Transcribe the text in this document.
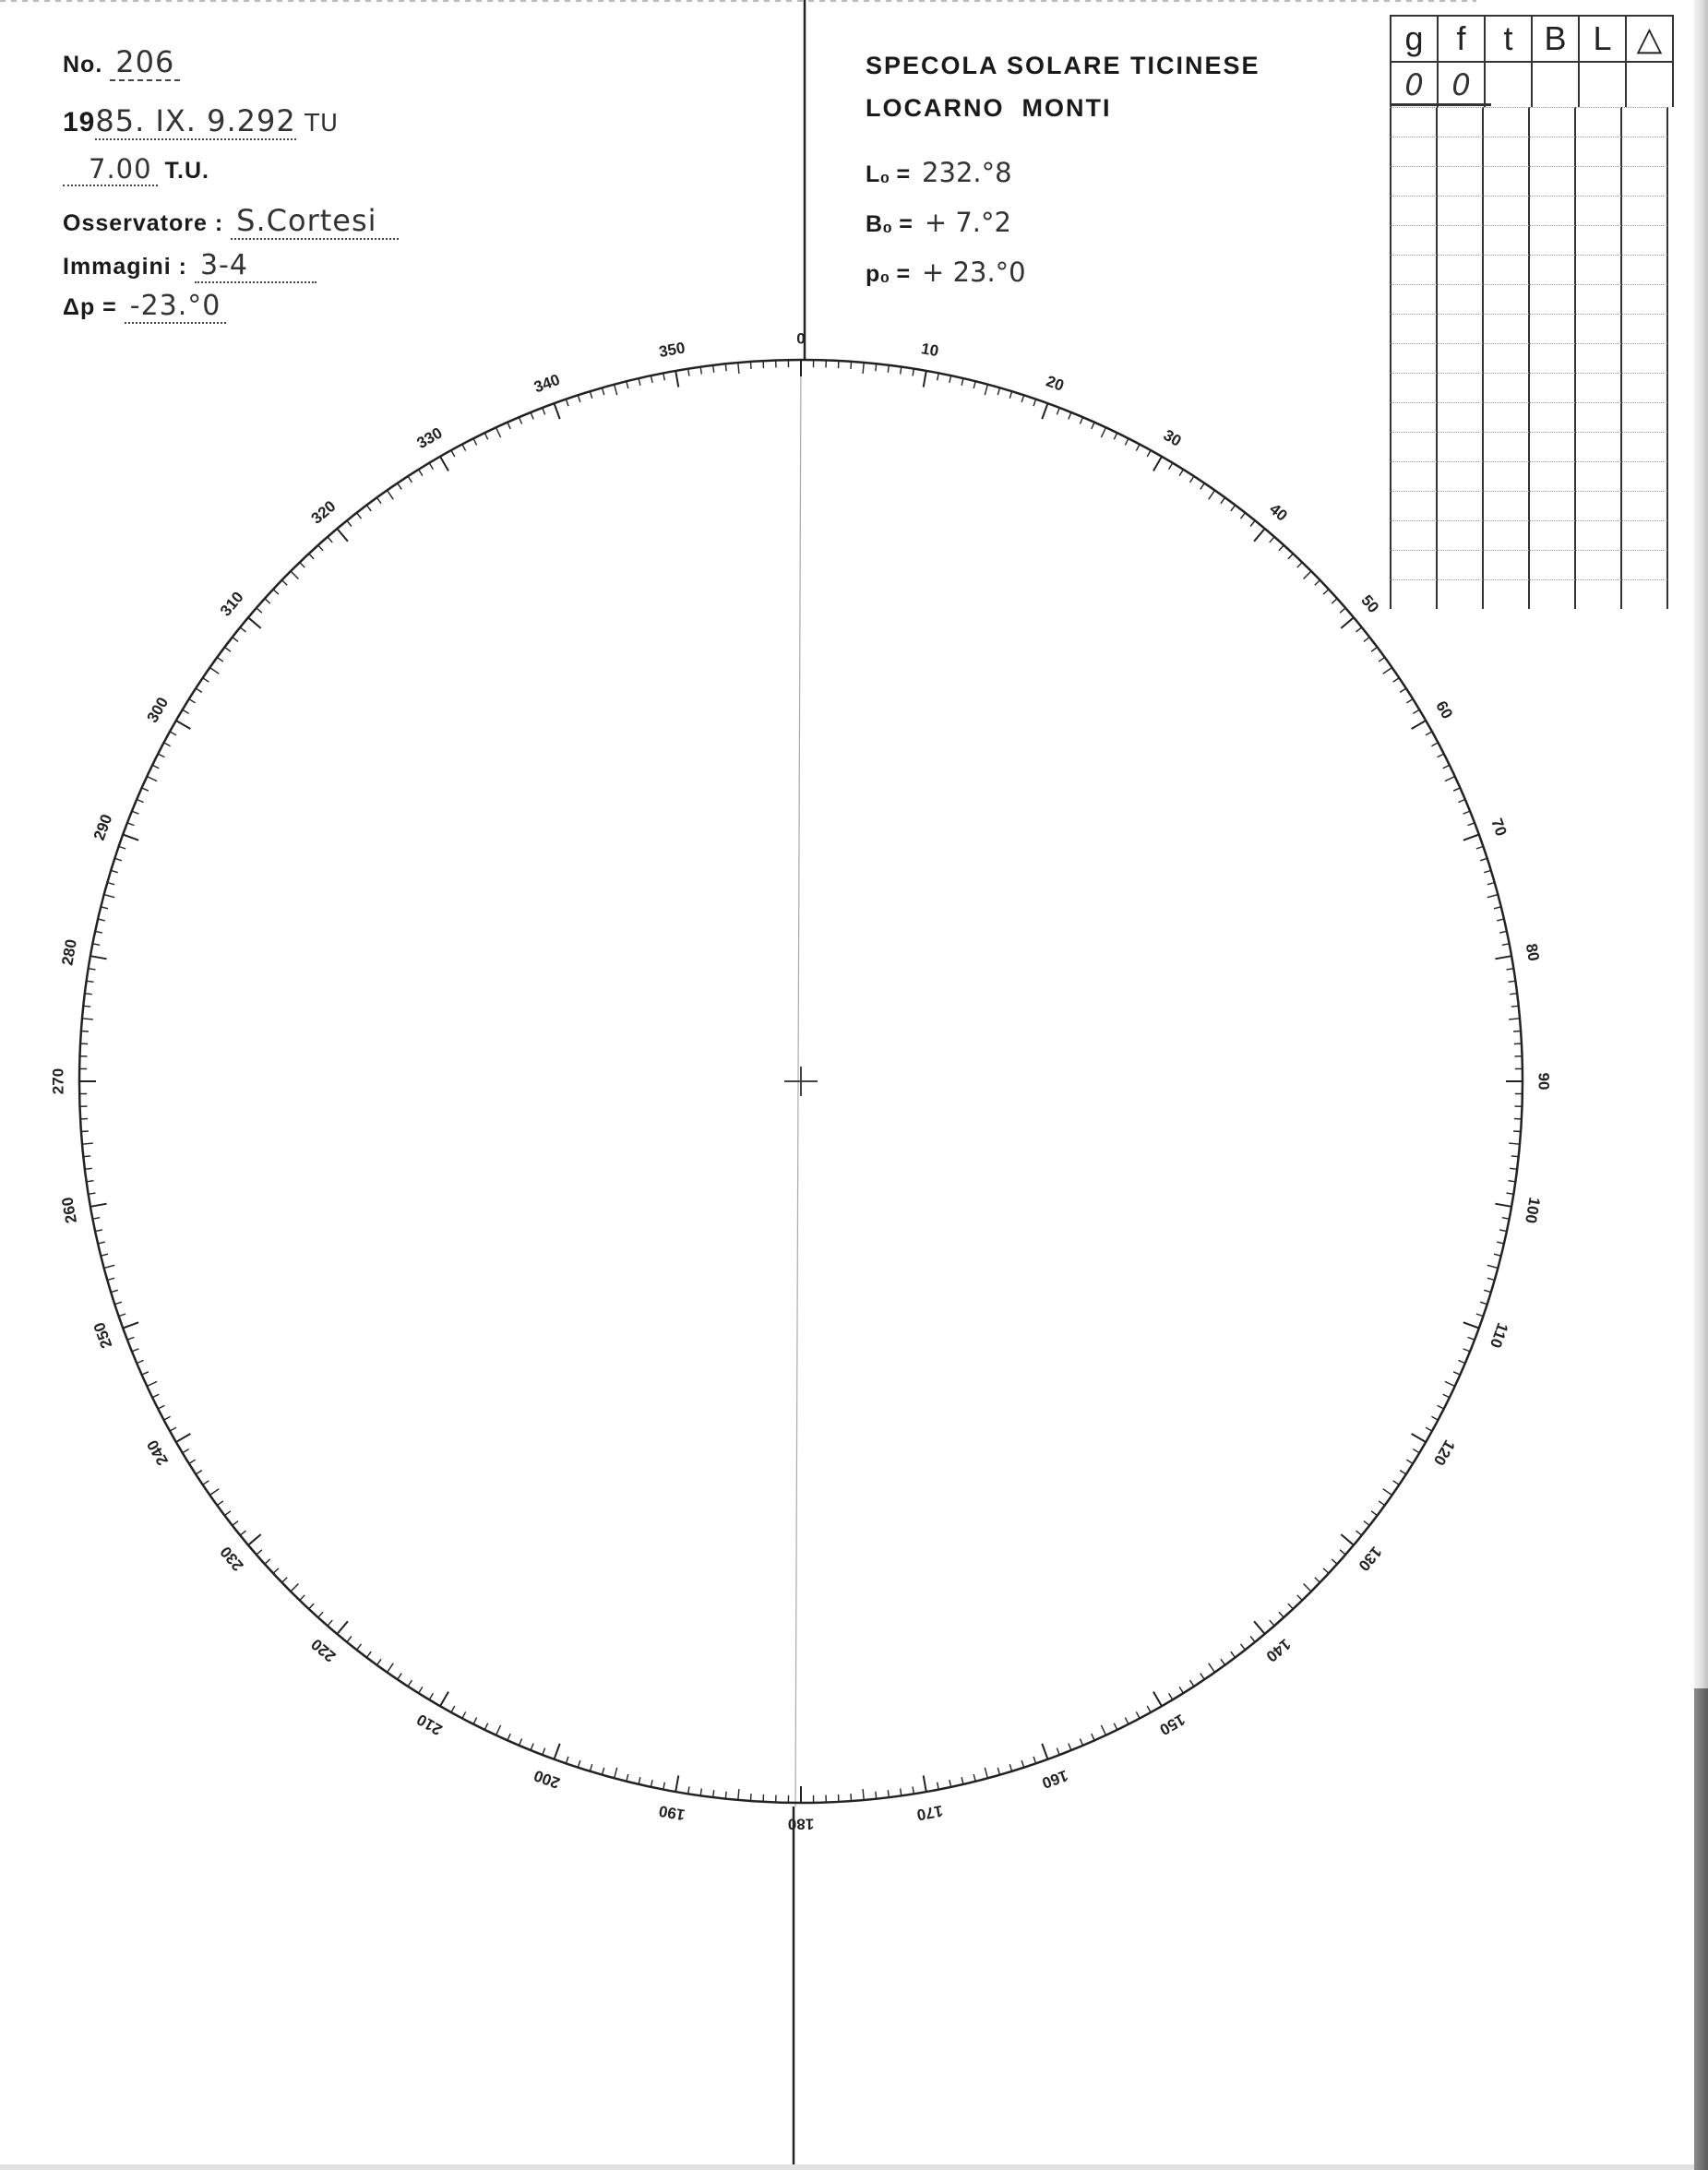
No. 206
1985. IX. 9.292 TU
7.00 T.U.
Osservatore : S.Cortesi
Immagini : 3-4
Δp = -23.°0
SPECOLA SOLARE TICINESE
LOCARNO  MONTI
L₀ = 232.°8
B₀ = + 7.°2
p₀ = + 23.°0
g	f	t	B	L	△
0	0				
0
10
20
30
40
50
60
70
80
90
100
110
120
130
140
150
160
170
180
190
200
210
220
230
240
250
260
270
280
290
300
310
320
330
340
350
